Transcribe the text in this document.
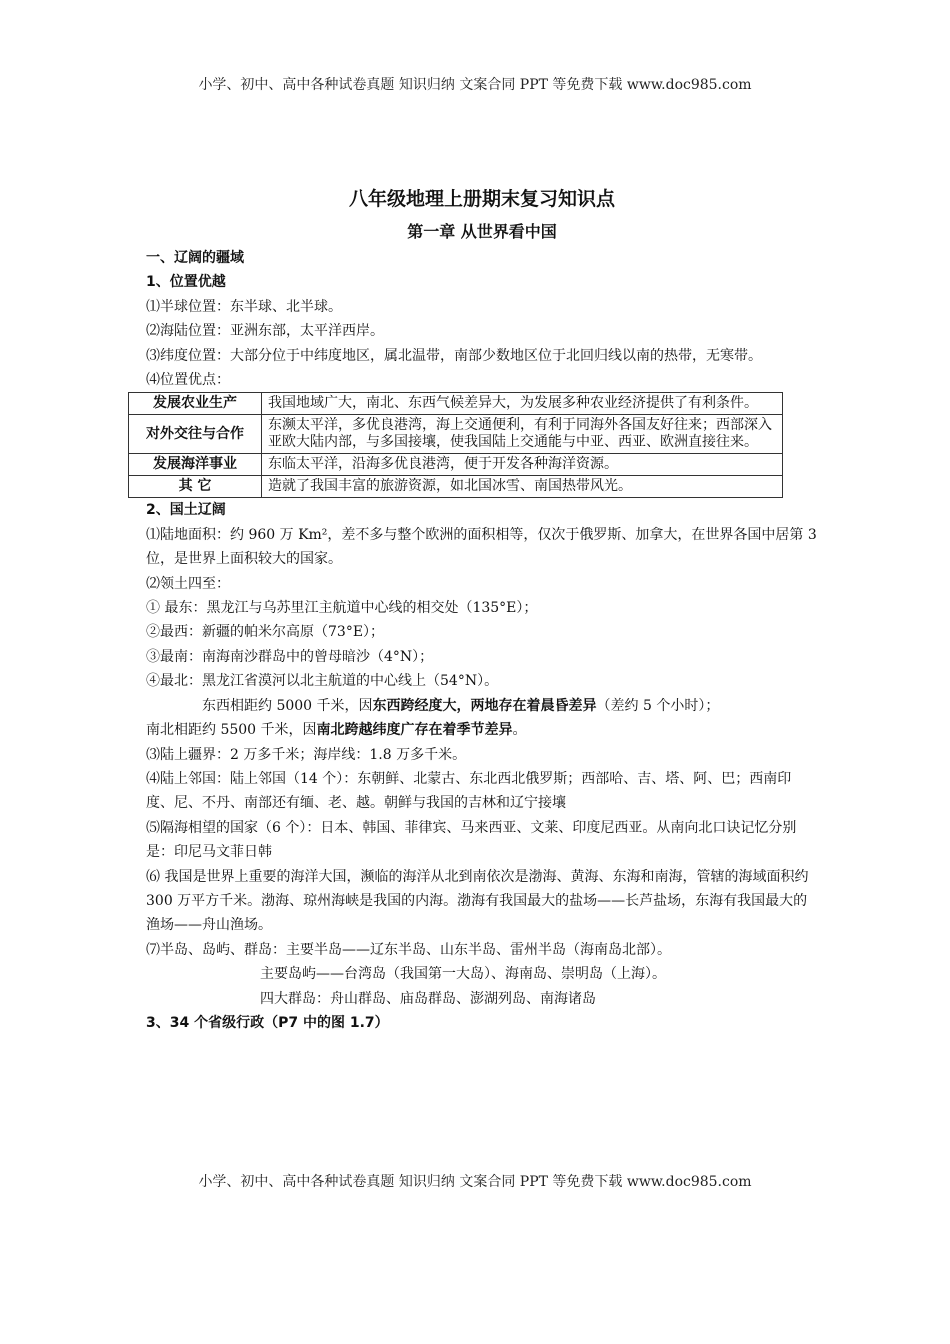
小学、初中、高中各种试卷真题 知识归纳 文案合同 PPT 等免费下载 www.doc985.com
八年级地理上册期末复习知识点
第一章 从世界看中国

一、辽阔的疆域

1、位置优越

⑴半球位置： 东半球、北半球。

⑵海陆位置： 亚洲东部，太平洋西岸。

⑶纬度位置： 大部分位于中纬度地区，属北温带，南部少数地区位于北回归线以南的热带，无寒带。

⑷位置优点：

发展农业生产	我国地域广大，南北、东西气候差异大，为发展多种农业经济提供了有利条件。
对外交往与合作	东濒太平洋，多优良港湾，海上交通便利，有利于同海外各国友好往来；西部深入亚欧大陆内部，与多国接壤，使我国陆上交通能与中亚、西亚、欧洲直接往来。
发展海洋事业	东临太平洋，沿海多优良港湾，便于开发各种海洋资源。
其 它	造就了我国丰富的旅游资源，如北国冰雪、南国热带风光。

2、国土辽阔

⑴陆地面积：约 960 万 Km²，差不多与整个欧洲的面积相等，仅次于俄罗斯、加拿大，在世界各国中居第 3 位，是世界上面积较大的国家。

⑵领土四至：

① 最东：黑龙江与乌苏里江主航道中心线的相交处（135°E）；

②最西：新疆的帕米尔高原（73°E）；

③最南：南海南沙群岛中的曾母暗沙（4°N）；

④最北：黑龙江省漠河以北主航道的中心线上（54°N）。

东西相距约 5000 千米，因东西跨经度大，两地存在着晨昏差异（差约 5 个小时）；

南北相距约 5500 千米，因南北跨越纬度广存在着季节差异。

⑶陆上疆界：2 万多千米；海岸线：1.8 万多千米。

⑷陆上邻国：陆上邻国（14 个）：东朝鲜、北蒙古、东北西北俄罗斯；西部哈、吉、塔、阿、巴；西南印度、尼、不丹、南部还有缅、老、越。朝鲜与我国的吉林和辽宁接壤

⑸隔海相望的国家（6 个）：日本、韩国、菲律宾、马来西亚、文莱、印度尼西亚。从南向北口诀记忆分别是：印尼马文菲日韩

⑹ 我国是世界上重要的海洋大国，濒临的海洋从北到南依次是渤海、黄海、东海和南海，管辖的海域面积约 300 万平方千米。渤海、琼州海峡是我国的内海。渤海有我国最大的盐场——长芦盐场，东海有我国最大的渔场——舟山渔场。

⑺半岛、岛屿、群岛：主要半岛——辽东半岛、山东半岛、雷州半岛（海南岛北部）。

主要岛屿——台湾岛（我国第一大岛）、海南岛、崇明岛（上海）。

四大群岛：舟山群岛、庙岛群岛、澎湖列岛、南海诸岛

3、34 个省级行政（P7 中的图 1.7）

小学、初中、高中各种试卷真题 知识归纳 文案合同 PPT 等免费下载 www.doc985.com
